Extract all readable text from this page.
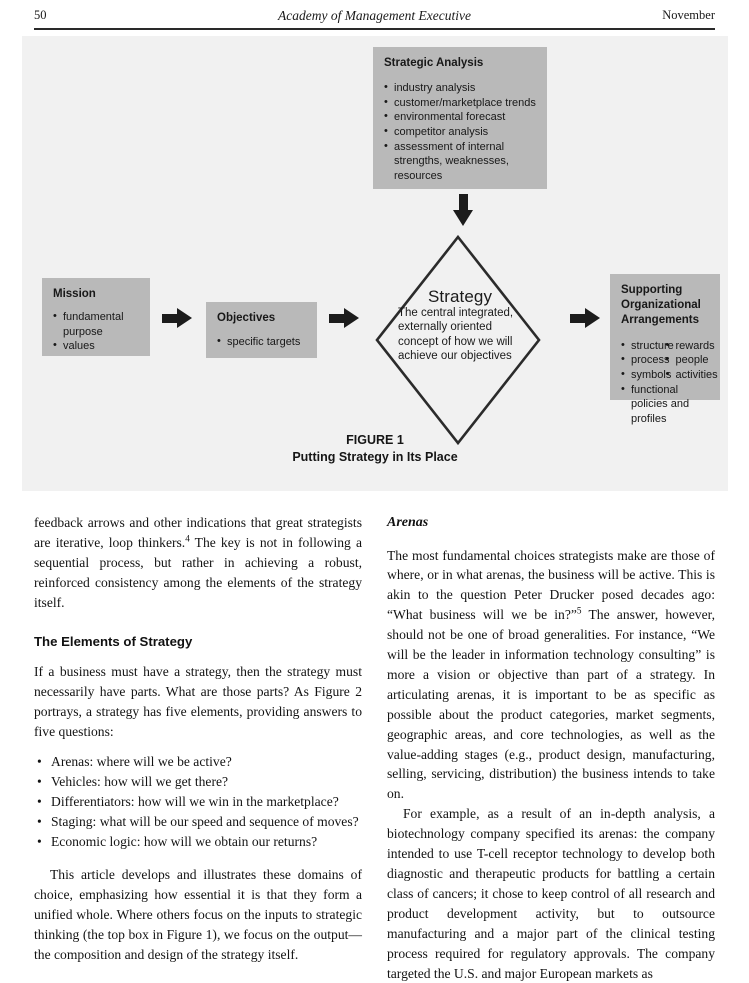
50	Academy of Management Executive	November

Strategic Analysis

• industry analysis
• customer/marketplace trends
• environmental forecast
• competitor analysis
• assessment of internal strengths, weaknesses, resources

Mission

• fundamental purpose
• values

Objectives

• specific targets

Strategy

The central integrated, externally oriented concept of how we will achieve our objectives

Supporting Organizational Arrangements

• structure
• process
• symbols
• rewards
• people
• activities
• functional policies and profiles
FIGURE 1
Putting Strategy in Its Place

feedback arrows and other indications that great strategists are iterative, loop thinkers.$^4$ The key is not in following a sequential process, but rather in achieving a robust, reinforced consistency among the elements of the strategy itself.

The Elements of Strategy

If a business must have a strategy, then the strategy must necessarily have parts. What are those parts? As Figure 2 portrays, a strategy has five elements, providing answers to five questions:

• Arenas: where will we be active?
• Vehicles: how will we get there?
• Differentiators: how will we win in the marketplace?
• Staging: what will be our speed and sequence of moves?
• Economic logic: how will we obtain our returns?

This article develops and illustrates these domains of choice, emphasizing how essential it is that they form a unified whole. Where others focus on the inputs to strategic thinking (the top box in Figure 1), we focus on the output—the composition and design of the strategy itself.

Arenas

The most fundamental choices strategists make are those of where, or in what arenas, the business will be active. This is akin to the question Peter Drucker posed decades ago: “What business will we be in?”$^5$ The answer, however, should not be one of broad generalities. For instance, “We will be the leader in information technology consulting” is more a vision or objective than part of a strategy. In articulating arenas, it is important to be as specific as possible about the product categories, market segments, geographic areas, and core technologies, as well as the value-adding stages (e.g., product design, manufacturing, selling, servicing, distribution) the business intends to take on.

For example, as a result of an in-depth analysis, a biotechnology company specified its arenas: the company intended to use T-cell receptor technology to develop both diagnostic and therapeutic products for battling a certain class of cancers; it chose to keep control of all research and product development activity, but to outsource manufacturing and a major part of the clinical testing process required for regulatory approvals. The company targeted the U.S. and major European markets as
